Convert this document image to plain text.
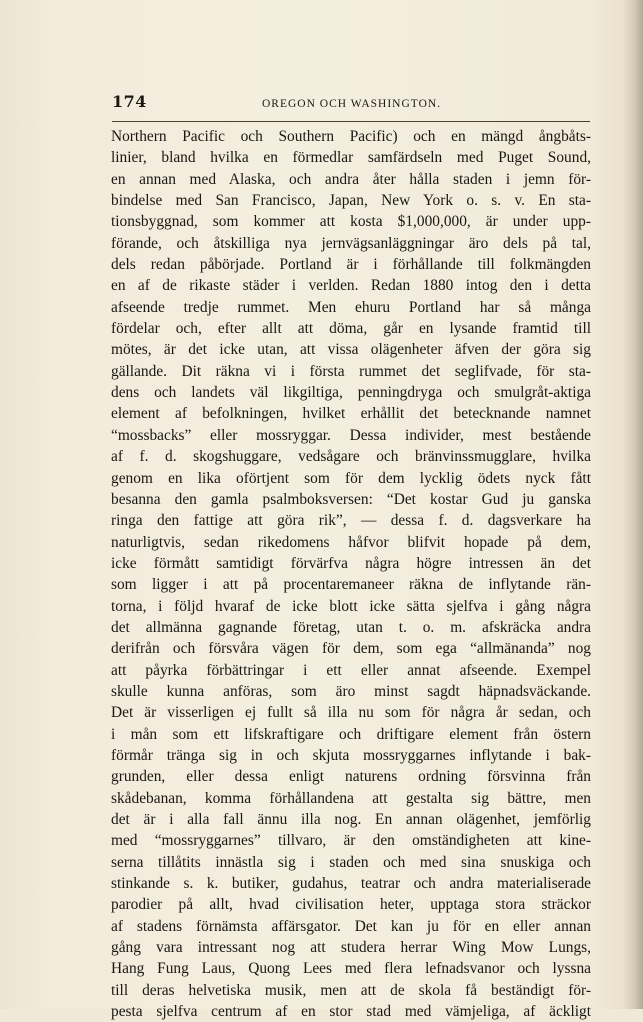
174	OREGON OCH WASHINGTON.
Northern Pacific och Southern Pacific) och en mängd ångbåts-
linier, bland hvilka en förmedlar samfärdseln med Puget Sound,
en annan med Alaska, och andra åter hålla staden i jemn för-
bindelse med San Francisco, Japan, New York o. s. v. En sta-
tionsbyggnad, som kommer att kosta $1,000,000, är under upp-
förande, och åtskilliga nya jernvägsanläggningar äro dels på tal,
dels redan påbörjade. Portland är i förhållande till folkmängden
en af de rikaste städer i verlden. Redan 1880 intog den i detta
afseende tredje rummet. Men ehuru Portland har så många
fördelar och, efter allt att döma, går en lysande framtid till
mötes, är det icke utan, att vissa olägenheter äfven der göra sig
gällande. Dit räkna vi i första rummet det seglifvade, för sta-
dens och landets väl likgiltiga, penningdryga och smulgråt-aktiga
element af befolkningen, hvilket erhållit det betecknande namnet
“mossbacks” eller mossryggar. Dessa individer, mest bestående
af f. d. skogshuggare, vedsågare och bränvinssmugglare, hvilka
genom en lika oförtjent som för dem lycklig ödets nyck fått
besanna den gamla psalmboksversen: “Det kostar Gud ju ganska
ringa den fattige att göra rik”, — dessa f. d. dagsverkare ha
naturligtvis, sedan rikedomens håfvor blifvit hopade på dem,
icke förmått samtidigt förvärfva några högre intressen än det
som ligger i att på procentaremaneer räkna de inflytande rän-
torna, i följd hvaraf de icke blott icke sätta sjelfva i gång några
det allmänna gagnande företag, utan t. o. m. afskräcka andra
derifrån och försvåra vägen för dem, som ega “allmänanda” nog
att påyrka förbättringar i ett eller annat afseende. Exempel
skulle kunna anföras, som äro minst sagdt häpnadsväckande.
Det är visserligen ej fullt så illa nu som för några år sedan, och
i mån som ett lifskraftigare och driftigare element från östern
förmår tränga sig in och skjuta mossryggarnes inflytande i bak-
grunden, eller dessa enligt naturens ordning försvinna från
skådebanan, komma förhållandena att gestalta sig bättre, men
det är i alla fall ännu illa nog. En annan olägenhet, jemförlig
med “mossryggarnes” tillvaro, är den omständigheten att kine-
serna tillåtits innästla sig i staden och med sina snuskiga och
stinkande s. k. butiker, gudahus, teatrar och andra materialiserade
parodier på allt, hvad civilisation heter, upptaga stora sträckor
af stadens förnämsta affärsgator. Det kan ju för en eller annan
gång vara intressant nog att studera herrar Wing Mow Lungs,
Hang Fung Laus, Quong Lees med flera lefnadsvanor och lyssna
till deras helvetiska musik, men att de skola få beständigt för-
pesta sjelfva centrum af en stor stad med vämjeliga, af äckligt
